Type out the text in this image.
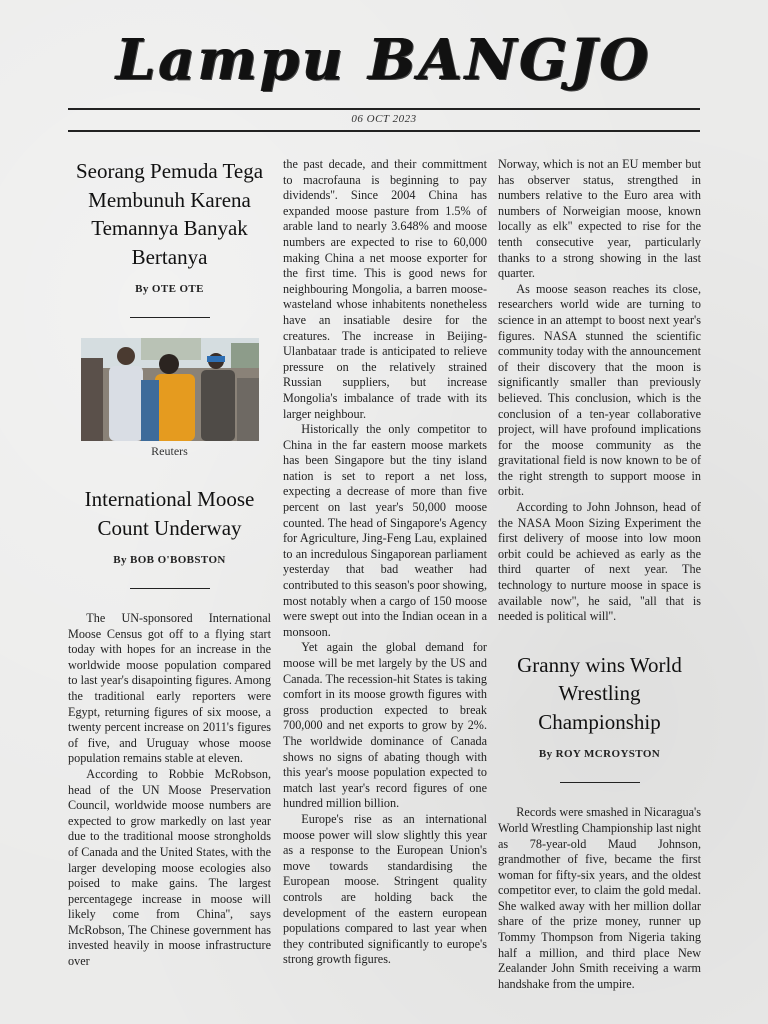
Lampu BANGJO
06 OCT 2023
Seorang Pemuda Tega Membunuh Karena Temannya Banyak Bertanya
By OTE OTE
Reuters
International Moose Count Underway
By BOB O'BOBSTON

The UN-sponsored International Moose Census got off to a flying start today with hopes for an increase in the worldwide moose population compared to last year's disapointing figures. Among the traditional early reporters were Egypt, returning figures of six moose, a twenty percent increase on 2011's figures of five, and Uruguay whose moose population remains stable at eleven.

According to Robbie McRobson, head of the UN Moose Preservation Council, worldwide moose numbers are expected to grow markedly on last year due to the traditional moose strongholds of Canada and the United States, with the larger developing moose ecologies also poised to make gains. The largest percentagege increase in moose will likely come from China'', says McRobson, The Chinese government has invested heavily in moose infrastructure over

the past decade, and their committment to macrofauna is beginning to pay dividends''. Since 2004 China has expanded moose pasture from 1.5% of arable land to nearly 3.648% and moose numbers are expected to rise to 60,000 making China a net moose exporter for the first time. This is good news for neighbouring Mongolia, a barren moose-wasteland whose inhabitents nonetheless have an insatiable desire for the creatures. The increase in Beijing-Ulanbataar trade is anticipated to relieve pressure on the relatively strained Russian suppliers, but increase Mongolia's imbalance of trade with its larger neighbour.

Historically the only competitor to China in the far eastern moose markets has been Singapore but the tiny island nation is set to report a net loss, expecting a decrease of more than five percent on last year's 50,000 moose counted. The head of Singapore's Agency for Agriculture, Jing-Feng Lau, explained to an incredulous Singaporean parliament yesterday that bad weather had contributed to this season's poor showing, most notably when a cargo of 150 moose were swept out into the Indian ocean in a monsoon.

Yet again the global demand for moose will be met largely by the US and Canada. The recession-hit States is taking comfort in its moose growth figures with gross production expected to break 700,000 and net exports to grow by 2%. The worldwide dominance of Canada shows no signs of abating though with this year's moose population expected to match last year's record figures of one hundred million billion.

Europe's rise as an international moose power will slow slightly this year as a response to the European Union's move towards standardising the European moose. Stringent quality controls are holding back the development of the eastern european populations compared to last year when they contributed significantly to europe's strong growth figures.

Norway, which is not an EU member but has observer status, strengthed in numbers relative to the Euro area with numbers of Norweigian moose, known locally as elk'' expected to rise for the tenth consecutive year, particularly thanks to a strong showing in the last quarter.

As moose season reaches its close, researchers world wide are turning to science in an attempt to boost next year's figures. NASA stunned the scientific community today with the announcement of their discovery that the moon is significantly smaller than previously believed. This conclusion, which is the conclusion of a ten-year collaborative project, will have profound implications for the moose community as the gravitational field is now known to be of the right strength to support moose in orbit.

According to John Johnson, head of the NASA Moon Sizing Experiment the first delivery of moose into low moon orbit could be achieved as early as the third quarter of next year. The technology to nurture moose in space is available now'', he said, ''all that is needed is political will''.

Granny wins World Wrestling Championship
By ROY MCROYSTON

Records were smashed in Nicaragua's World Wrestling Championship last night as 78-year-old Maud Johnson, grandmother of five, became the first woman for fifty-six years, and the oldest competitor ever, to claim the gold medal. She walked away with her million dollar share of the prize money, runner up Tommy Thompson from Nigeria taking half a million, and third place New Zealander John Smith receiving a warm handshake from the umpire.
